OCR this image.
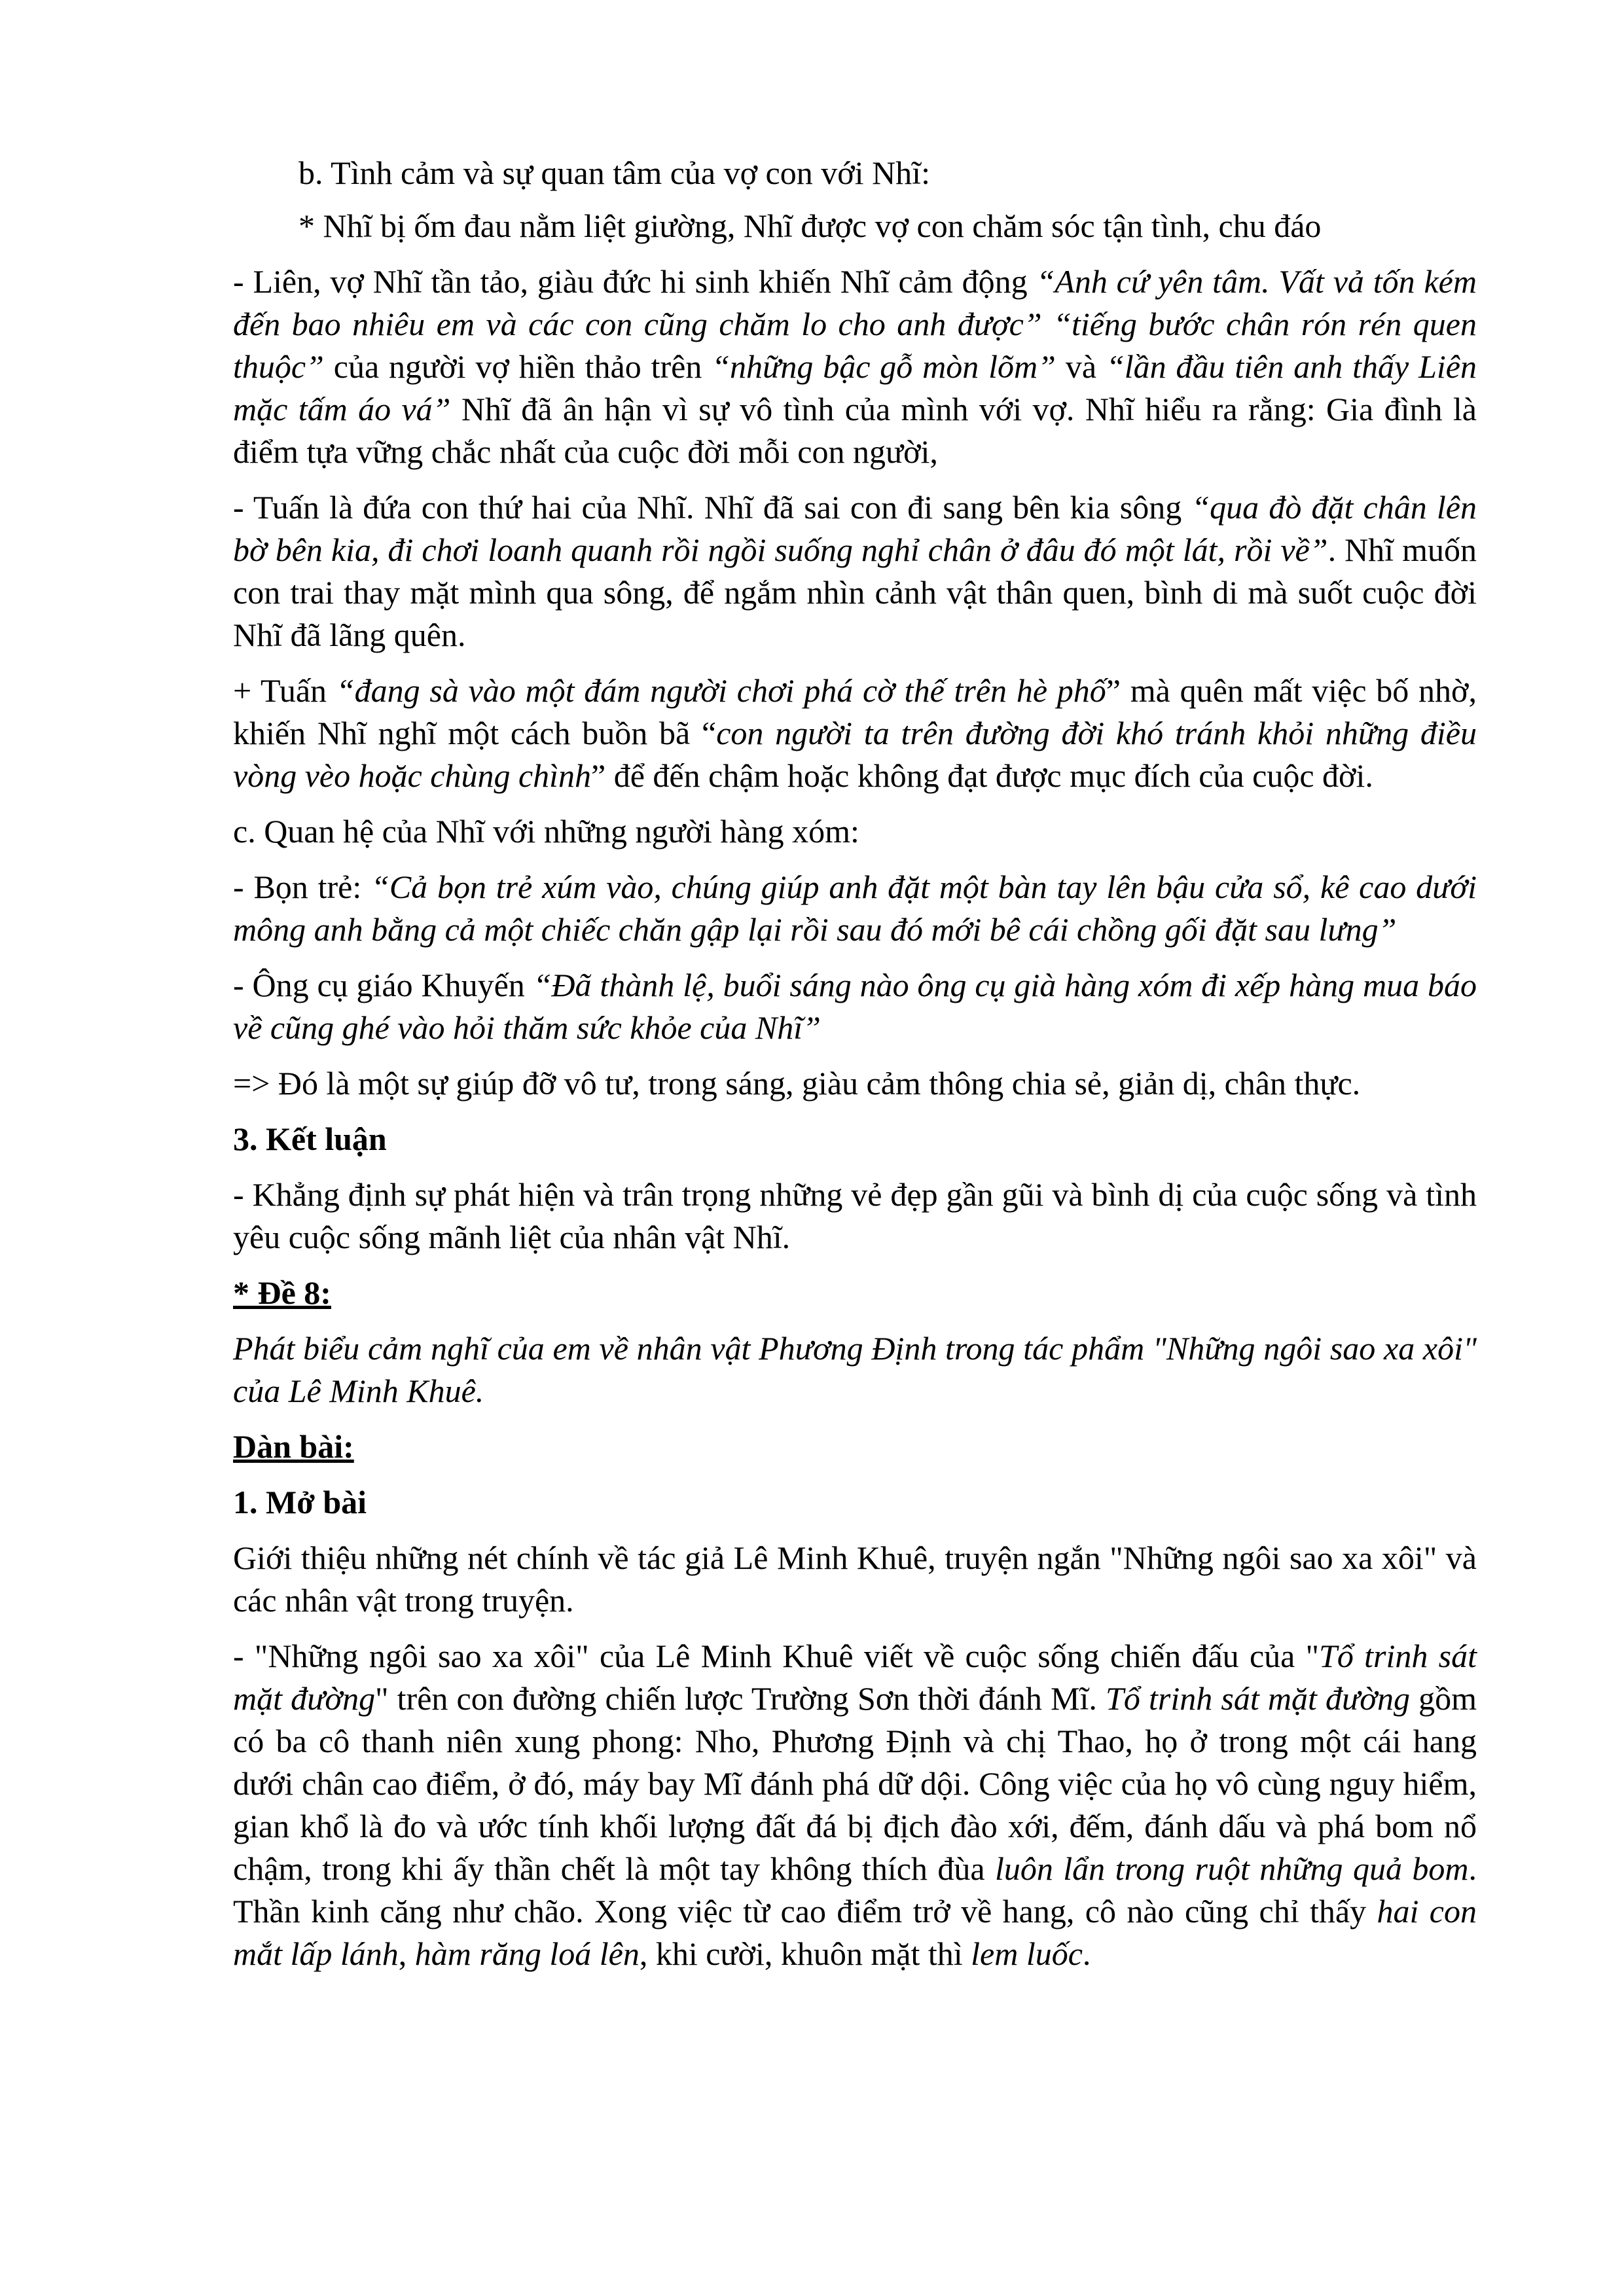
b. Tình cảm và sự quan tâm của vợ con với Nhĩ:

* Nhĩ bị ốm đau nằm liệt giường, Nhĩ được vợ con chăm sóc tận tình, chu đáo

- Liên, vợ Nhĩ tần tảo, giàu đức hi sinh khiến Nhĩ cảm động “Anh cứ yên tâm. Vất vả tốn kém đến bao nhiêu em và các con cũng chăm lo cho anh được” “tiếng bước chân rón rén quen thuộc” của người vợ hiền thảo trên “những bậc gỗ mòn lõm” và “lần đầu tiên anh thấy Liên mặc tấm áo vá” Nhĩ đã ân hận vì sự vô tình của mình với vợ. Nhĩ hiểu ra rằng: Gia đình là điểm tựa vững chắc nhất của cuộc đời mỗi con người,

- Tuấn là đứa con thứ hai của Nhĩ. Nhĩ đã sai con đi sang bên kia sông “qua đò đặt chân lên bờ bên kia, đi chơi loanh quanh rồi ngồi suống nghỉ chân ở đâu đó một lát, rồi về”. Nhĩ muốn con trai thay mặt mình qua sông, để ngắm nhìn cảnh vật thân quen, bình di mà suốt cuộc đời Nhĩ đã lãng quên.

+ Tuấn “đang sà vào một đám người chơi phá cờ thế trên hè phố” mà quên mất việc bố nhờ, khiến Nhĩ nghĩ một cách buồn bã “con người ta trên đường đời khó tránh khỏi những điều vòng vèo hoặc chùng chình” để đến chậm hoặc không đạt được mục đích của cuộc đời.

c. Quan hệ của Nhĩ với những người hàng xóm:

- Bọn trẻ: “Cả bọn trẻ xúm vào, chúng giúp anh đặt một bàn tay lên bậu cửa sổ, kê cao dưới mông anh bằng cả một chiếc chăn gập lại rồi sau đó mới bê cái chồng gối đặt sau lưng”

- Ông cụ giáo Khuyến “Đã thành lệ, buổi sáng nào ông cụ già hàng xóm đi xếp hàng mua báo về cũng ghé vào hỏi thăm sức khỏe của Nhĩ”

=> Đó là một sự giúp đỡ vô tư, trong sáng, giàu cảm thông chia sẻ, giản dị, chân thực.

3. Kết luận

- Khẳng định sự phát hiện và trân trọng những vẻ đẹp gần gũi và bình dị của cuộc sống và tình yêu cuộc sống mãnh liệt của nhân vật Nhĩ.

* Đề 8:

Phát biểu cảm nghĩ của em về nhân vật Phương Định trong tác phẩm "Những ngôi sao xa xôi" của Lê Minh Khuê.

Dàn bài:

1. Mở bài

Giới thiệu những nét chính về tác giả Lê Minh Khuê, truyện ngắn "Những ngôi sao xa xôi" và các nhân vật trong truyện.

- "Những ngôi sao xa xôi" của Lê Minh Khuê viết về cuộc sống chiến đấu của "Tổ trinh sát mặt đường" trên con đường chiến lược Trường Sơn thời đánh Mĩ. Tổ trinh sát mặt đường gồm có ba cô thanh niên xung phong: Nho, Phương Định và chị Thao, họ ở trong một cái hang dưới chân cao điểm, ở đó, máy bay Mĩ đánh phá dữ dội. Công việc của họ vô cùng nguy hiểm, gian khổ là đo và ước tính khối lượng đất đá bị địch đào xới, đếm, đánh dấu và phá bom nổ chậm, trong khi ấy thần chết là một tay không thích đùa luôn lẩn trong ruột những quả bom. Thần kinh căng như chão. Xong việc từ cao điểm trở về hang, cô nào cũng chỉ thấy hai con mắt lấp lánh, hàm răng loá lên, khi cười, khuôn mặt thì lem luốc.
